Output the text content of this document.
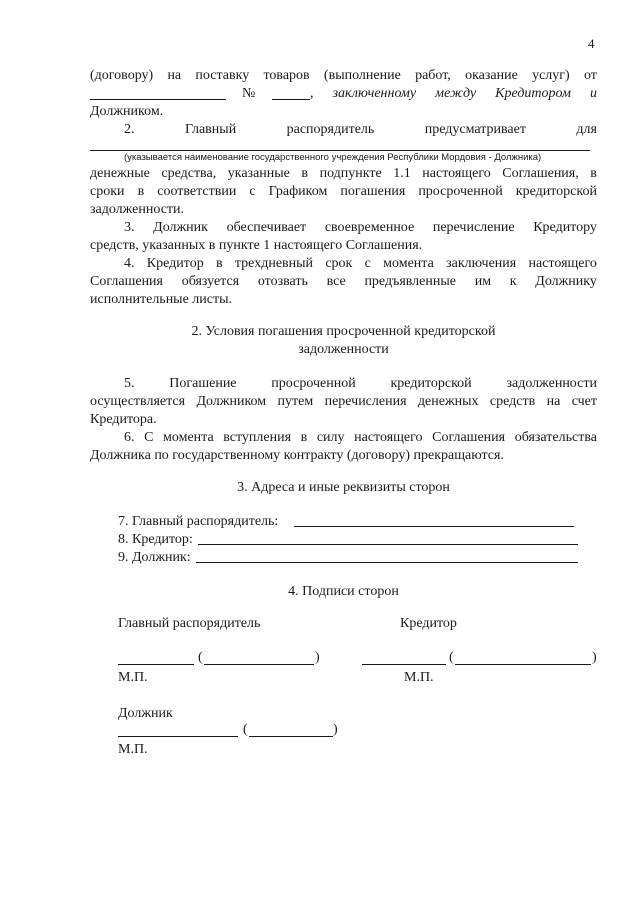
4
(договору) на поставку товаров (выполнение работ, оказание услуг) от
№	, заключенному между Кредитором и
Должником.
2.	Главный	распорядитель	предусматривает	для
(указывается наименование государственного учреждения Республики Мордовия - Должника)
денежные средства, указанные в подпункте 1.1 настоящего Соглашения, в
сроки в соответствии с Графиком погашения просроченной кредиторской
задолженности.
3. Должник обеспечивает своевременное перечисление Кредитору
средств, указанных в пункте 1 настоящего Соглашения.
4. Кредитор в трехдневный срок с момента заключения настоящего
Соглашения обязуется отозвать все предъявленные им к Должнику
исполнительные листы.
2. Условия погашения просроченной кредиторской
задолженности
5. Погашение просроченной кредиторской задолженности
осуществляется Должником путем перечисления денежных средств на счет
Кредитора.
6. С момента вступления в силу настоящего Соглашения обязательства
Должника по государственному контракту (договору) прекращаются.
3. Адреса и иные реквизиты сторон
7. Главный распорядитель:
8. Кредитор:
9. Должник:
4. Подписи сторон
Главный распорядитель	Кредитор
(	)	(	)
М.П.	М.П.
Должник
(	)
М.П.
